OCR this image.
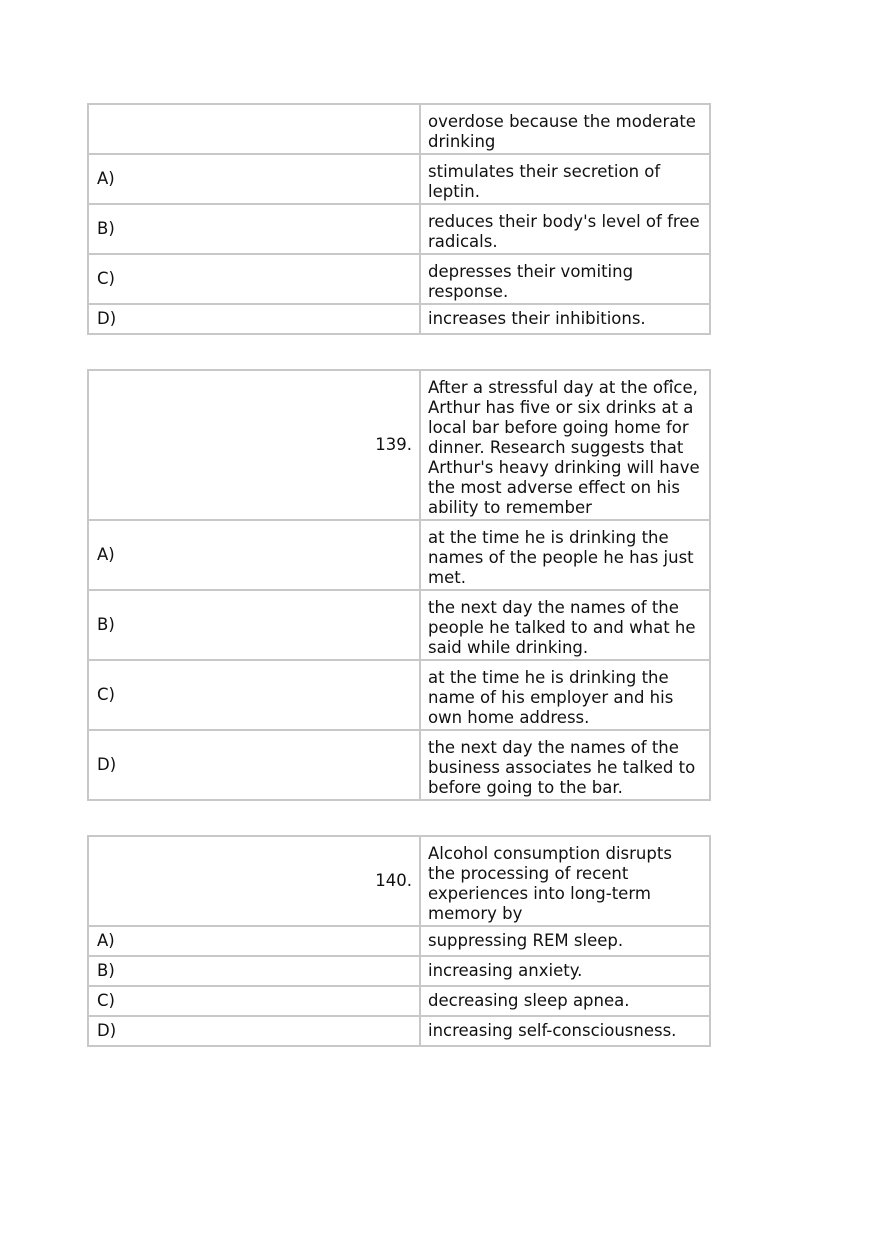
	overdose because the moderate drinking
A)	stimulates their secretion of leptin.
B)	reduces their body's level of free radicals.
C)	depresses their vomiting response.
D)	increases their inhibitions.
139.	After a stressful day at the ofi̇̂ce, Arthur has five or six drinks at a local bar before going home for dinner. Research suggests that Arthur's heavy drinking will have the most adverse effect on his ability to remember
A)	at the time he is drinking the names of the people he has just met.
B)	the next day the names of the people he talked to and what he said while drinking.
C)	at the time he is drinking the name of his employer and his own home address.
D)	the next day the names of the business associates he talked to before going to the bar.
140.	Alcohol consumption disrupts the processing of recent experiences into long-term memory by
A)	suppressing REM sleep.
B)	increasing anxiety.
C)	decreasing sleep apnea.
D)	increasing self-consciousness.
